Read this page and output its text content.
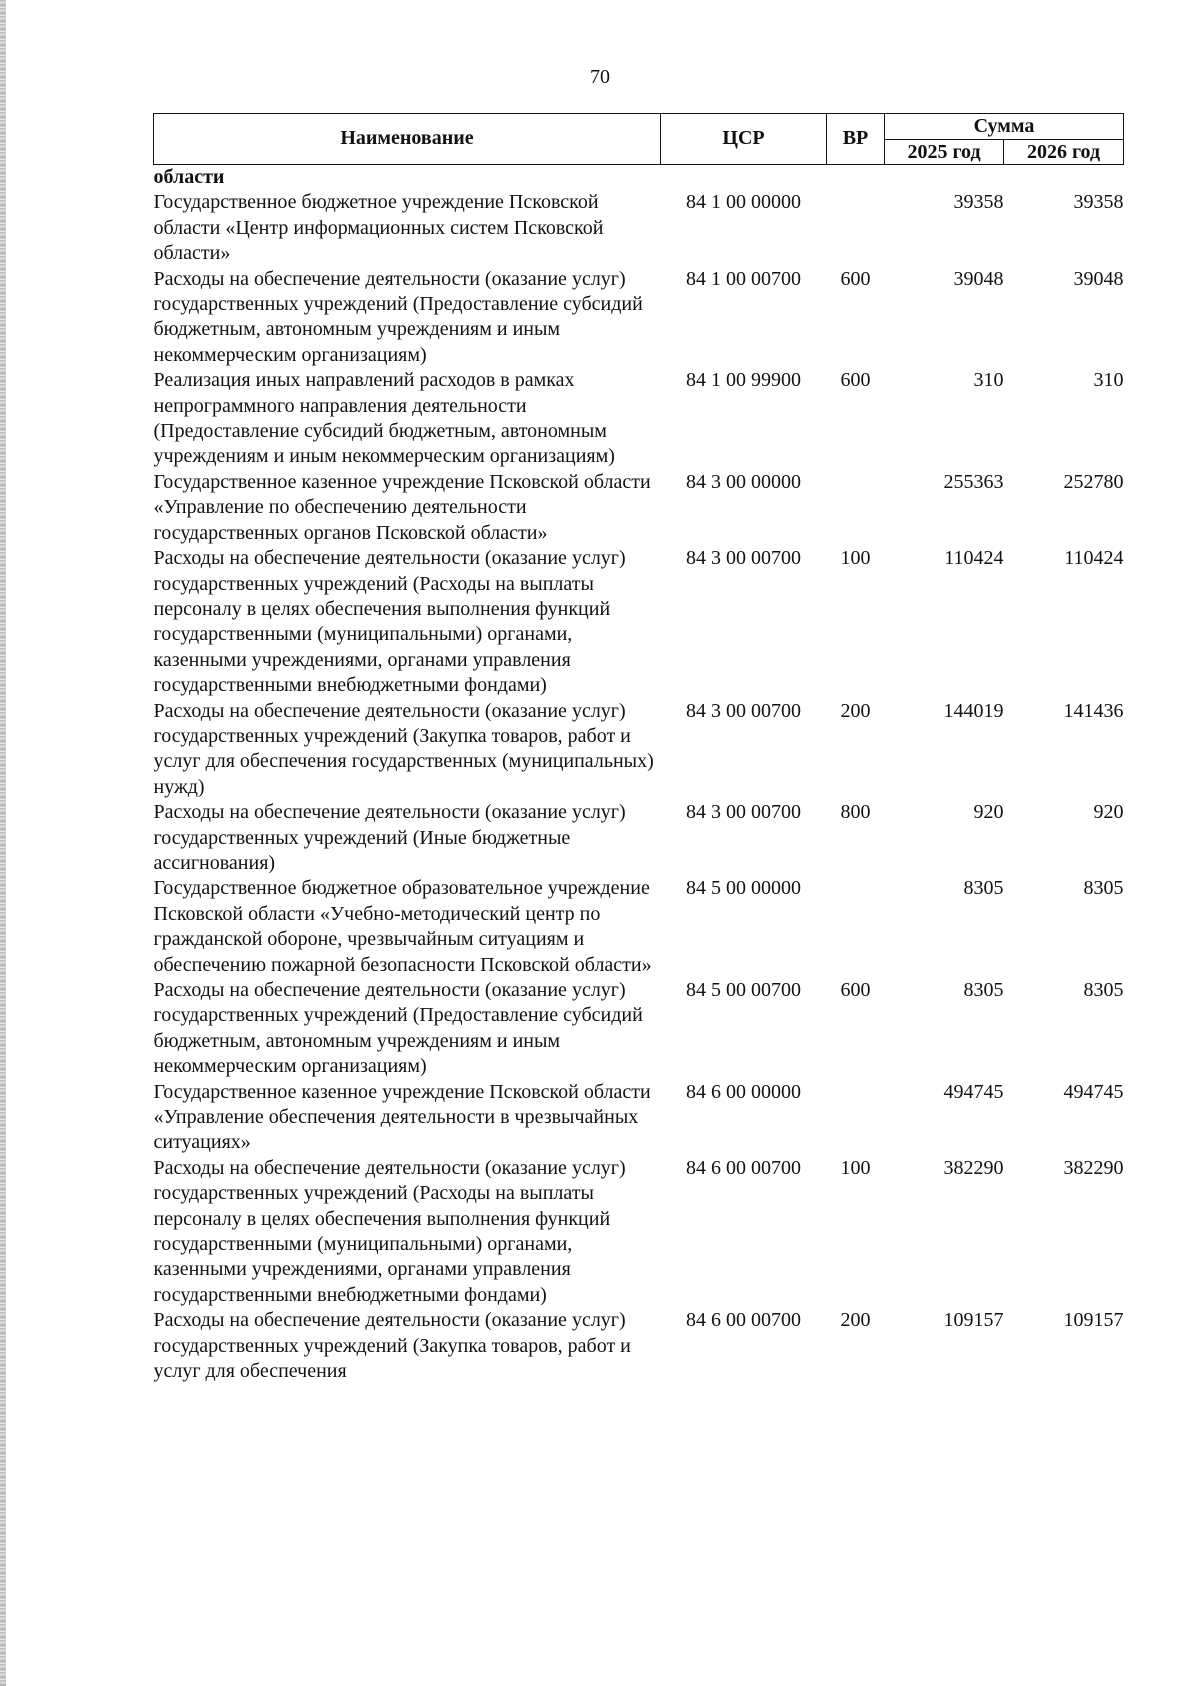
70
Наименование	ЦСР	ВР	Сумма	
			2025 год	2026 год
области				
Государственное бюджетное учреждение Псковской области «Центр информационных систем Псковской области»	84 1 00 00000		39358	39358
Расходы на обеспечение деятельности (оказание услуг) государственных учреждений (Предоставление субсидий бюджетным, автономным учреждениям и иным некоммерческим организациям)	84 1 00 00700	600	39048	39048
Реализация иных направлений расходов в рамках непрограммного направления деятельности (Предоставление субсидий бюджетным, автономным учреждениям и иным некоммерческим организациям)	84 1 00 99900	600	310	310
Государственное казенное учреждение Псковской области «Управление по обеспечению деятельности государственных органов Псковской области»	84 3 00 00000		255363	252780
Расходы на обеспечение деятельности (оказание услуг) государственных учреждений (Расходы на выплаты персоналу в целях обеспечения выполнения функций государственными (муниципальными) органами, казенными учреждениями, органами управления государственными внебюджетными фондами)	84 3 00 00700	100	110424	110424
Расходы на обеспечение деятельности (оказание услуг) государственных учреждений (Закупка товаров, работ и услуг для обеспечения государственных (муниципальных) нужд)	84 3 00 00700	200	144019	141436
Расходы на обеспечение деятельности (оказание услуг) государственных учреждений (Иные бюджетные ассигнования)	84 3 00 00700	800	920	920
Государственное бюджетное образовательное учреждение Псковской области «Учебно-методический центр по гражданской обороне, чрезвычайным ситуациям и обеспечению пожарной безопасности Псковской области»	84 5 00 00000		8305	8305
Расходы на обеспечение деятельности (оказание услуг) государственных учреждений (Предоставление субсидий бюджетным, автономным учреждениям и иным некоммерческим организациям)	84 5 00 00700	600	8305	8305
Государственное казенное учреждение Псковской области «Управление обеспечения деятельности в чрезвычайных ситуациях»	84 6 00 00000		494745	494745
Расходы на обеспечение деятельности (оказание услуг) государственных учреждений (Расходы на выплаты персоналу в целях обеспечения выполнения функций государственными (муниципальными) органами, казенными учреждениями, органами управления государственными внебюджетными фондами)	84 6 00 00700	100	382290	382290
Расходы на обеспечение деятельности (оказание услуг) государственных учреждений (Закупка товаров, работ и услуг для обеспечения	84 6 00 00700	200	109157	109157
